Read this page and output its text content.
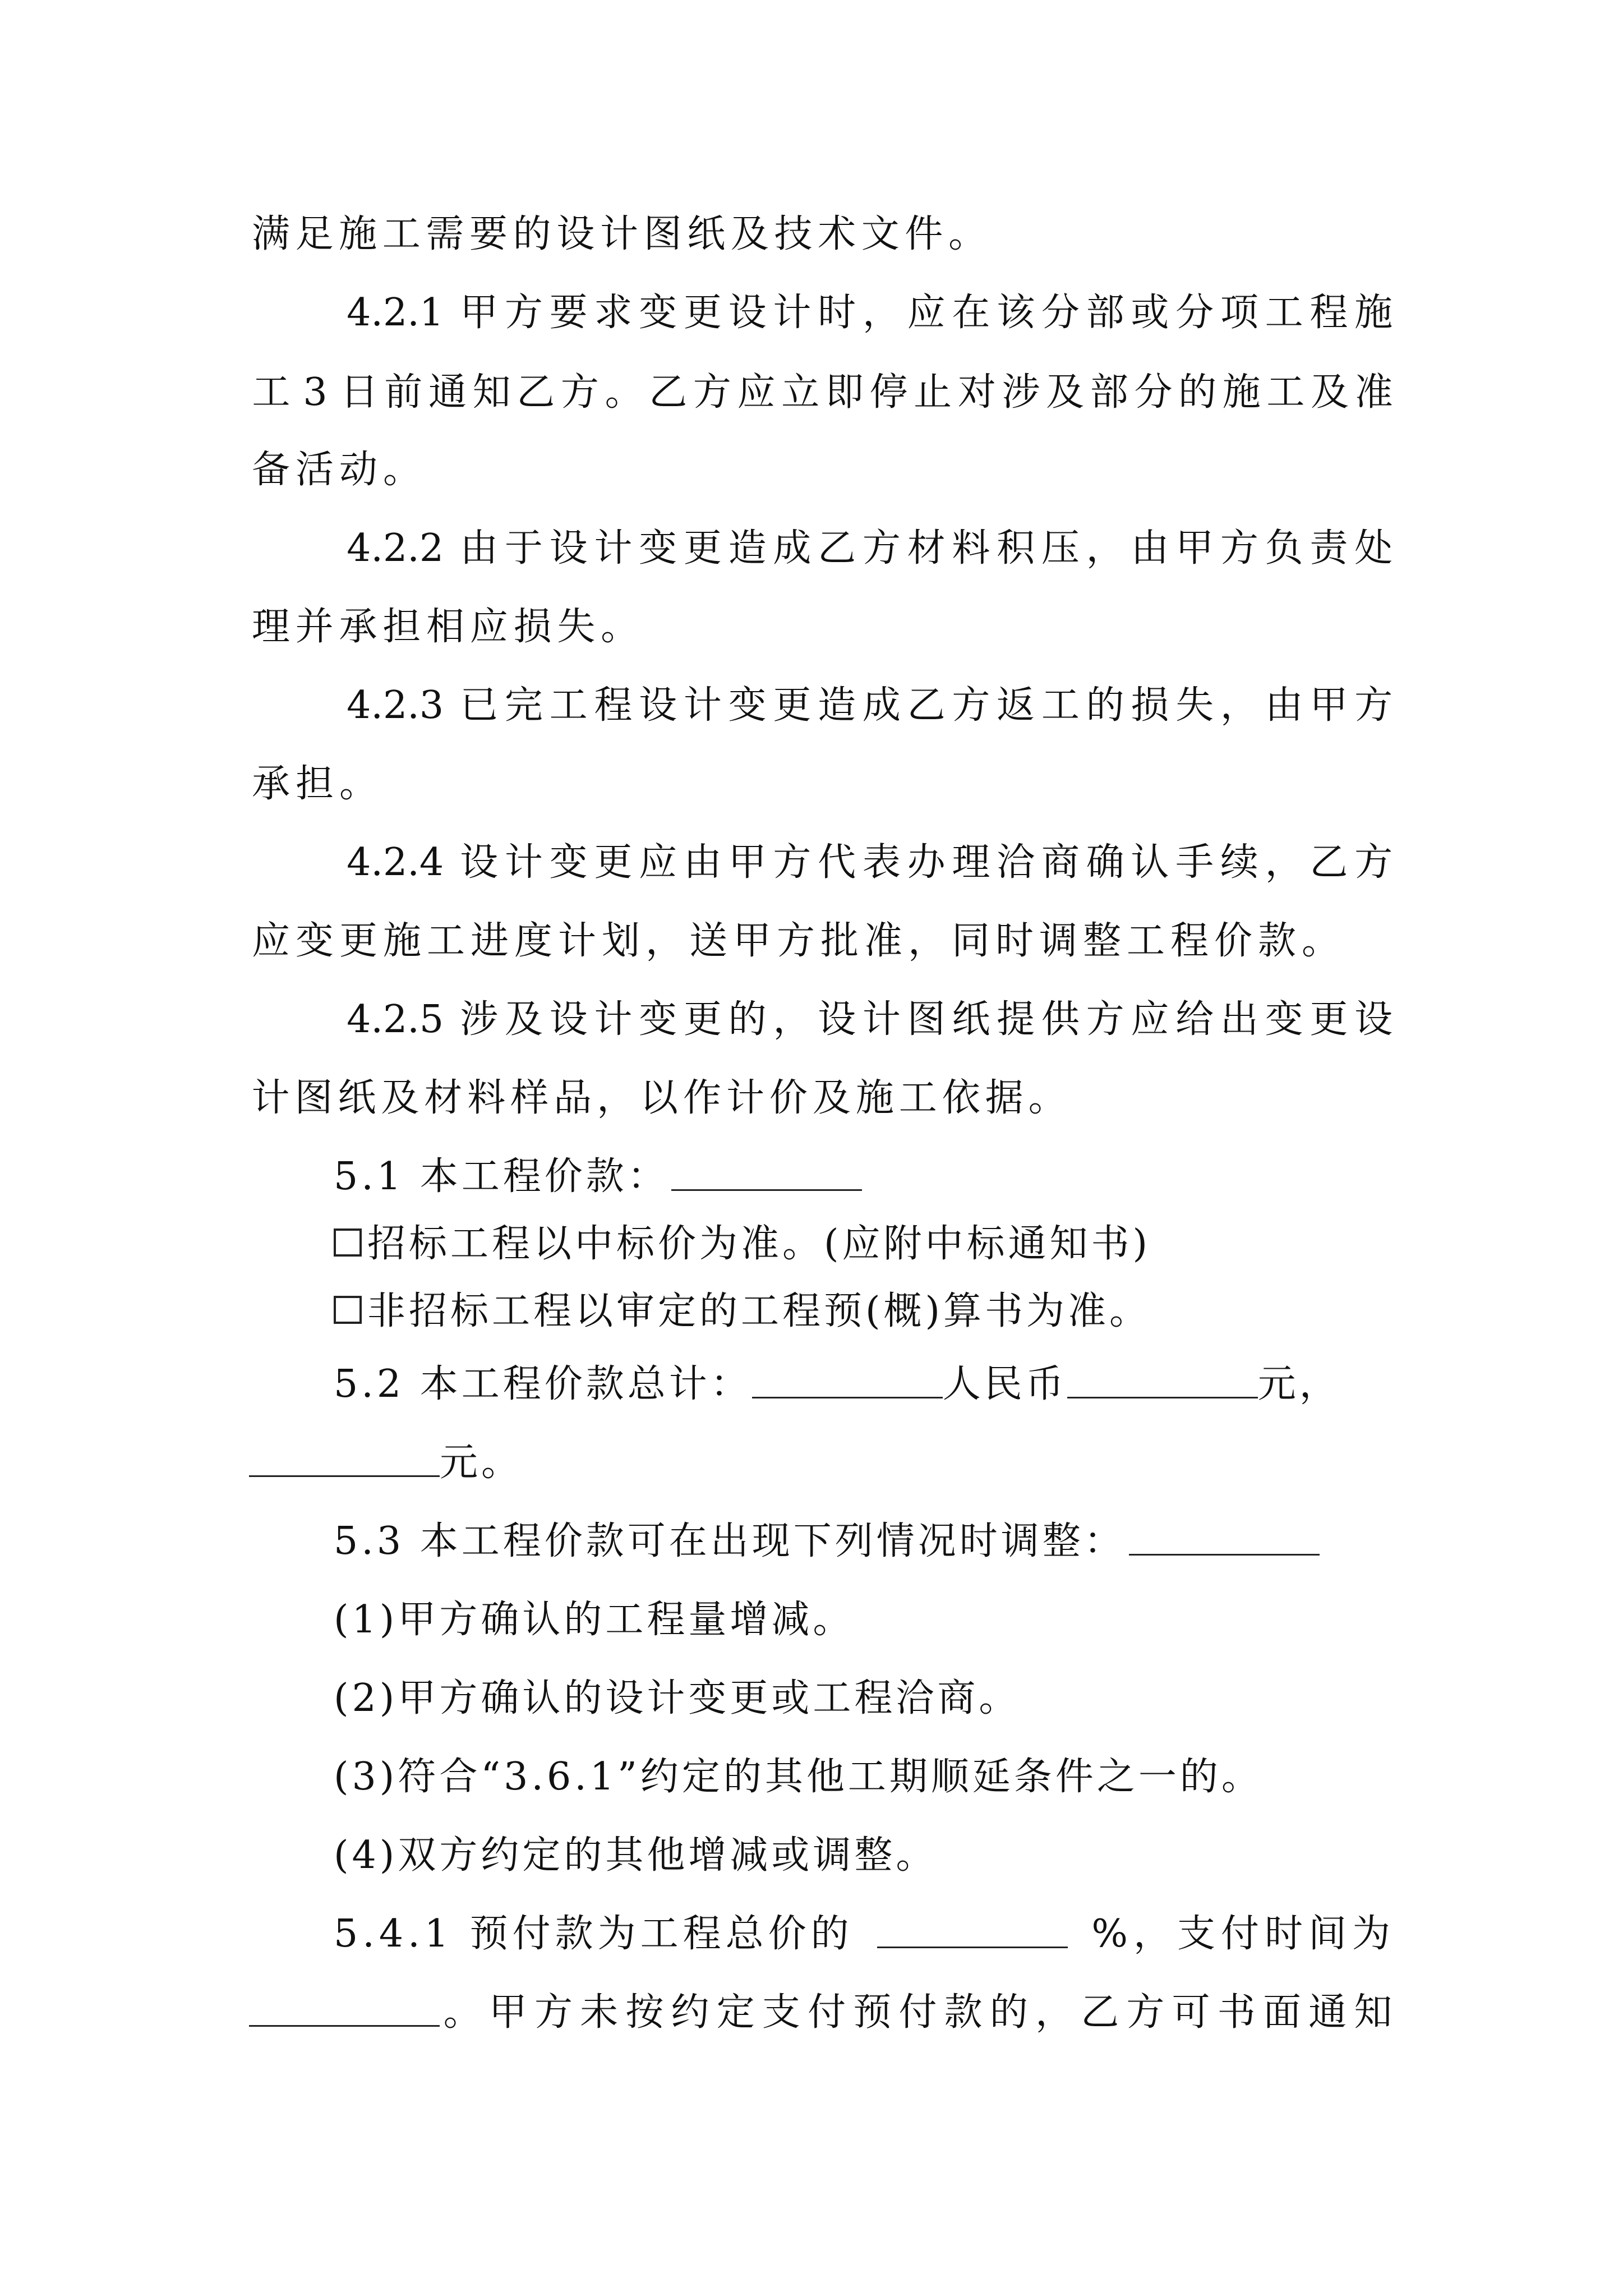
满 足 施 工 需 要 的 设 计 图 纸 及 技 术 文 件 。
4.2.1 甲 方 要 求 变 更 设 计 时 ， 应 在 该 分 部 或 分 项 工 程 施
工 3 日 前 通 知 乙 方 。 乙 方 应 立 即 停 止 对 涉 及 部 分 的 施 工 及 准
备 活 动 。
4.2.2 由 于 设 计 变 更 造 成 乙 方 材 料 积 压 ， 由 甲 方 负 责 处
理 并 承 担 相 应 损 失 。
4.2.3 已 完 工 程 设 计 变 更 造 成 乙 方 返 工 的 损 失 ， 由 甲 方
承 担 。
4.2.4 设 计 变 更 应 由 甲 方 代 表 办 理 洽 商 确 认 手 续 ， 乙 方
应 变 更 施 工 进 度 计 划 ， 送 甲 方 批 准 ， 同 时 调 整 工 程 价 款 。
4.2.5 涉 及 设 计 变 更 的 ， 设 计 图 纸 提 供 方 应 给 出 变 更 设
计 图 纸 及 材 料 样 品 ， 以 作 计 价 及 施 工 依 据 。
5.1 本工程价款：
招标工程以中标价为准。(应附中标通知书)
非招标工程以审定的工程预(概)算书为准。
5.2 本工程价款总计：	人民币	元，
元。
5.3 本工程价款可在出现下列情况时调整：
(1)甲方确认的工程量增减。
(2)甲方确认的设计变更或工程洽商。
(3)符合“3.6.1”约定的其他工期顺延条件之一的。
(4)双方约定的其他增减或调整。
5.4.1 预付款为工程总价的	%，支付时间为
。 甲 方 未 按 约 定 支 付 预 付 款 的 ， 乙 方 可 书 面 通 知
